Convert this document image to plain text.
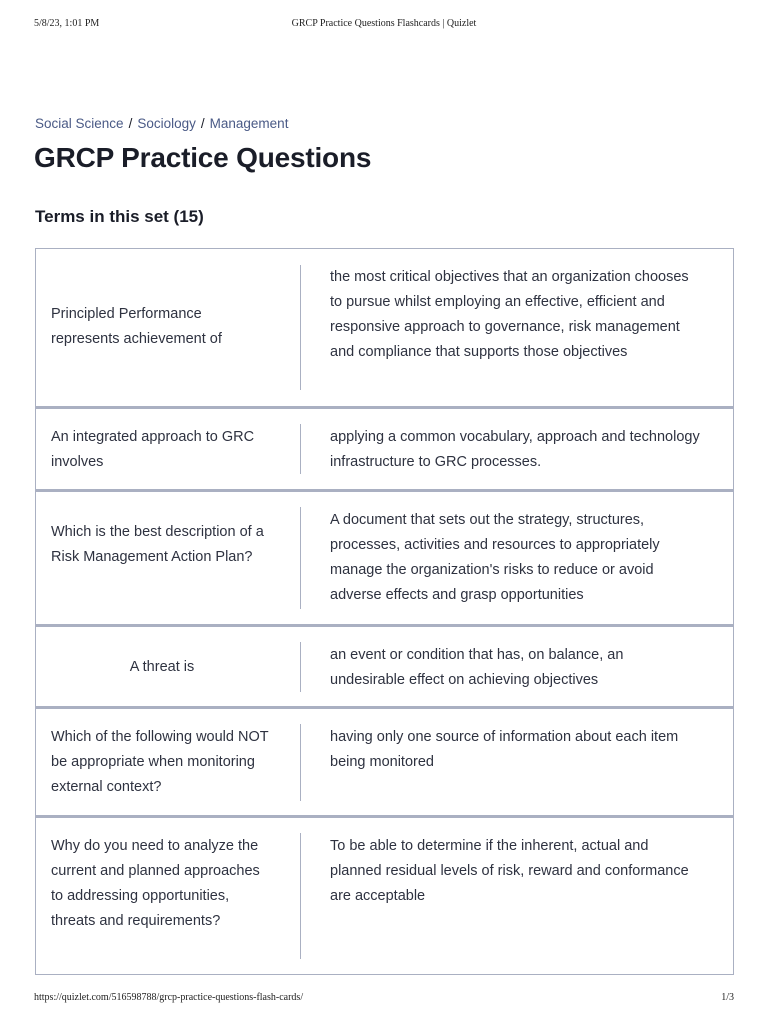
5/8/23, 1:01 PM	GRCP Practice Questions Flashcards | Quizlet
Social Science / Sociology / Management
GRCP Practice Questions
Terms in this set (15)
Principled Performance represents achievement of
the most critical objectives that an organization chooses to pursue whilst employing an effective, efficient and responsive approach to governance, risk management and compliance that supports those objectives
An integrated approach to GRC involves
applying a common vocabulary, approach and technology infrastructure to GRC processes.
Which is the best description of a Risk Management Action Plan?
A document that sets out the strategy, structures, processes, activities and resources to appropriately manage the organization's risks to reduce or avoid adverse effects and grasp opportunities
A threat is
an event or condition that has, on balance, an undesirable effect on achieving objectives
Which of the following would NOT be appropriate when monitoring external context?
having only one source of information about each item being monitored
Why do you need to analyze the current and planned approaches to addressing opportunities, threats and requirements?
To be able to determine if the inherent, actual and planned residual levels of risk, reward and conformance are acceptable
https://quizlet.com/516598788/grcp-practice-questions-flash-cards/	1/3
